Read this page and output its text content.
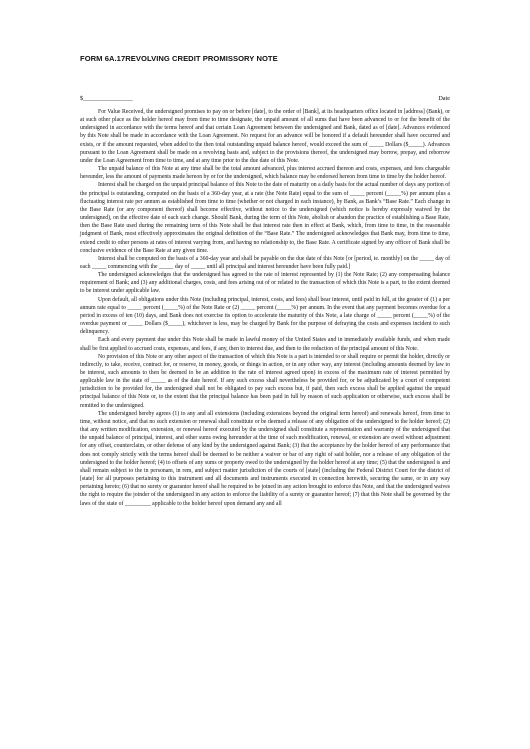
FORM 6A.17REVOLVING CREDIT PROMISSORY NOTE
$________________	Date

For Value Received, the undersigned promises to pay on or before [date], to the order of [Bank], at its headquarters office located in [address] (Bank), or at such other place as the holder hereof may from time to time designate, the unpaid amount of all sums that have been advanced to or for the benefit of the undersigned in accordance with the terms hereof and that certain Loan Agreement between the undersigned and Bank, dated as of [date]. Advances evidenced by this Note shall be made in accordance with the Loan Agreement. No request for an advance will be honored if a default hereunder shall have occurred and exists, or if the amount requested, when added to the then total outstanding unpaid balance hereof, would exceed the sum of _____ Dollars ($_____). Advances pursuant to the Loan Agreement shall be made on a revolving basis and, subject to the provisions thereof, the undersigned may borrow, prepay, and reborrow under the Loan Agreement from time to time, and at any time prior to the due date of this Note.

The unpaid balance of this Note at any time shall be the total amount advanced, plus interest accrued thereon and costs, expenses, and fees chargeable hereunder, less the amount of payments made hereon by or for the undersigned, which balance may be endorsed hereon from time to time by the holder hereof.

Interest shall be charged on the unpaid principal balance of this Note to the date of maturity on a daily basis for the actual number of days any portion of the principal is outstanding, computed on the basis of a 360-day year, at a rate (the Note Rate) equal to the sum of _____ percent (_____%) per annum plus a fluctuating interest rate per annum as established from time to time (whether or not charged in each instance), by Bank, as Bank’s “Base Rate.” Each change in the Base Rate (or any component thereof) shall become effective, without notice to the undersigned (which notice is hereby expressly waived by the undersigned), on the effective date of each such change. Should Bank, during the term of this Note, abolish or abandon the practice of establishing a Base Rate, then the Base Rate used during the remaining term of this Note shall be that interest rate then in effect at Bank, which, from time to time, in the reasonable judgment of Bank, most effectively approximates the original definition of the “Base Rate.” The undersigned acknowledges that Bank may, from time to time, extend credit to other persons at rates of interest varying from, and having no relationship to, the Base Rate. A certificate signed by any officer of Bank shall be conclusive evidence of the Base Rate at any given time.

Interest shall be computed on the basis of a 360-day year and shall be payable on the due date of this Note [or [period, ie. monthly] on the _____ day of each _____ commencing with the _____ day of _____ until all principal and interest hereunder have been fully paid.]

The undersigned acknowledges that the undersigned has agreed to the rate of interest represented by (1) the Note Rate; (2) any compensating balance requirement of Bank; and (3) any additional charges, costs, and fees arising out of or related to the transaction of which this Note is a part, to the extent deemed to be interest under applicable law.

Upon default, all obligations under this Note (including principal, interest, costs, and fees) shall bear interest, until paid in full, at the greater of (1) a per annum rate equal to _____ percent (_____%) of the Note Rate or (2) _____ percent (_____%) per annum. In the event that any payment becomes overdue for a period in excess of ten (10) days, and Bank does not exercise its option to accelerate the maturity of this Note, a late charge of _____ percent (_____%) of the overdue payment or _____ Dollars ($_____), whichever is less, may be charged by Bank for the purpose of defraying the costs and expenses incident to such delinquency.

Each and every payment due under this Note shall be made in lawful money of the United States and in immediately available funds, and when made shall be first applied to accrued costs, expenses, and fees, if any, then to interest due, and then to the reduction of the principal amount of this Note.

No provision of this Note or any other aspect of the transaction of which this Note is a part is intended to or shall require or permit the holder, directly or indirectly, to take, receive, contract for, or reserve, in money, goods, or things in action, or in any other way, any interest (including amounts deemed by law to be interest, such amounts to then be deemed to be an addition to the rate of interest agreed upon) in excess of the maximum rate of interest permitted by applicable law in the state of _____ as of the date hereof. If any such excess shall nevertheless be provided for, or be adjudicated by a court of competent jurisdiction to be provided for, the undersigned shall not be obligated to pay such excess but, if paid, then such excess shall be applied against the unpaid principal balance of this Note or, to the extent that the principal balance has been paid in full by reason of such application or otherwise, such excess shall be remitted to the undersigned.

The undersigned hereby agrees (1) to any and all extensions (including extensions beyond the original term hereof) and renewals hereof, from time to time, without notice, and that no such extension or renewal shall constitute or be deemed a release of any obligation of the undersigned to the holder hereof; (2) that any written modification, extension, or renewal hereof executed by the undersigned shall constitute a representation and warranty of the undersigned that the unpaid balance of principal, interest, and other sums owing hereunder at the time of such modification, renewal, or extension are owed without adjustment for any offset, counterclaim, or other defense of any kind by the undersigned against Bank; (3) that the acceptance by the holder hereof of any performance that does not comply strictly with the terms hereof shall be deemed to be neither a waiver or bar of any right of said holder, nor a release of any obligation of the undersigned to the holder hereof; (4) to offsets of any sums or property owed to the undersigned by the holder hereof at any time; (5) that the undersigned is and shall remain subject to the in personam, in rem, and subject matter jurisdiction of the courts of [state] (including the Federal District Court for the district of [state] for all purposes pertaining to this instrument and all documents and instruments executed in connection herewith, securing the same, or in any way pertaining hereto; (6) that no surety or guarantor hereof shall be required to be joined in any action brought to enforce this Note, and that the undersigned waives the right to require the joinder of the undersigned in any action to enforce the liability of a surety or guarantor hereof; (7) that this Note shall be governed by the laws of the state of _________ applicable to the holder hereof upon demand any and all
